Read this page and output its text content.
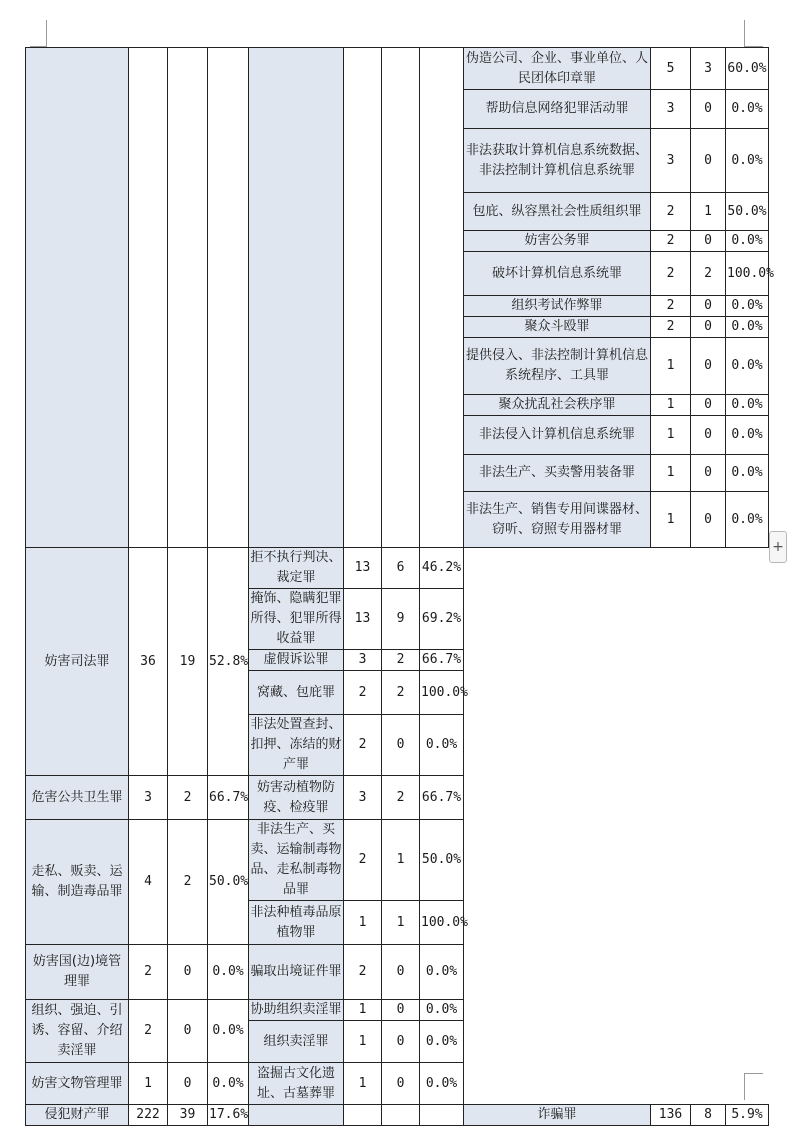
+
								伪造公司、企业、事业单位、人民团体印章罪	5	3	60.0%
								帮助信息网络犯罪活动罪	3	0	0.0%
								非法获取计算机信息系统数据、非法控制计算机信息系统罪	3	0	0.0%
								包庇、纵容黑社会性质组织罪	2	1	50.0%
								妨害公务罪	2	0	0.0%
								破坏计算机信息系统罪	2	2	100.0%
								组织考试作弊罪	2	0	0.0%
								聚众斗殴罪	2	0	0.0%
								提供侵入、非法控制计算机信息系统程序、工具罪	1	0	0.0%
								聚众扰乱社会秩序罪	1	0	0.0%
								非法侵入计算机信息系统罪	1	0	0.0%
								非法生产、买卖警用装备罪	1	0	0.0%
								非法生产、销售专用间谍器材、窃听、窃照专用器材罪	1	0	0.0%
妨害司法罪	36	19	52.8%	拒不执行判决、裁定罪	13	6	46.2%				
				掩饰、隐瞒犯罪所得、犯罪所得收益罪	13	9	69.2%				
				虚假诉讼罪	3	2	66.7%				
				窝藏、包庇罪	2	2	100.0%				
				非法处置查封、扣押、冻结的财产罪	2	0	0.0%				
危害公共卫生罪	3	2	66.7%	妨害动植物防疫、检疫罪	3	2	66.7%				
走私、贩卖、运输、制造毒品罪	4	2	50.0%	非法生产、买卖、运输制毒物品、走私制毒物品罪	2	1	50.0%				
				非法种植毒品原植物罪	1	1	100.0%				
妨害国(边)境管理罪	2	0	0.0%	骗取出境证件罪	2	0	0.0%				
组织、强迫、引诱、容留、介绍卖淫罪	2	0	0.0%	协助组织卖淫罪	1	0	0.0%				
				组织卖淫罪	1	0	0.0%				
妨害文物管理罪	1	0	0.0%	盗掘古文化遗址、古墓葬罪	1	0	0.0%				
侵犯财产罪	222	39	17.6%					诈骗罪	136	8	5.9%
